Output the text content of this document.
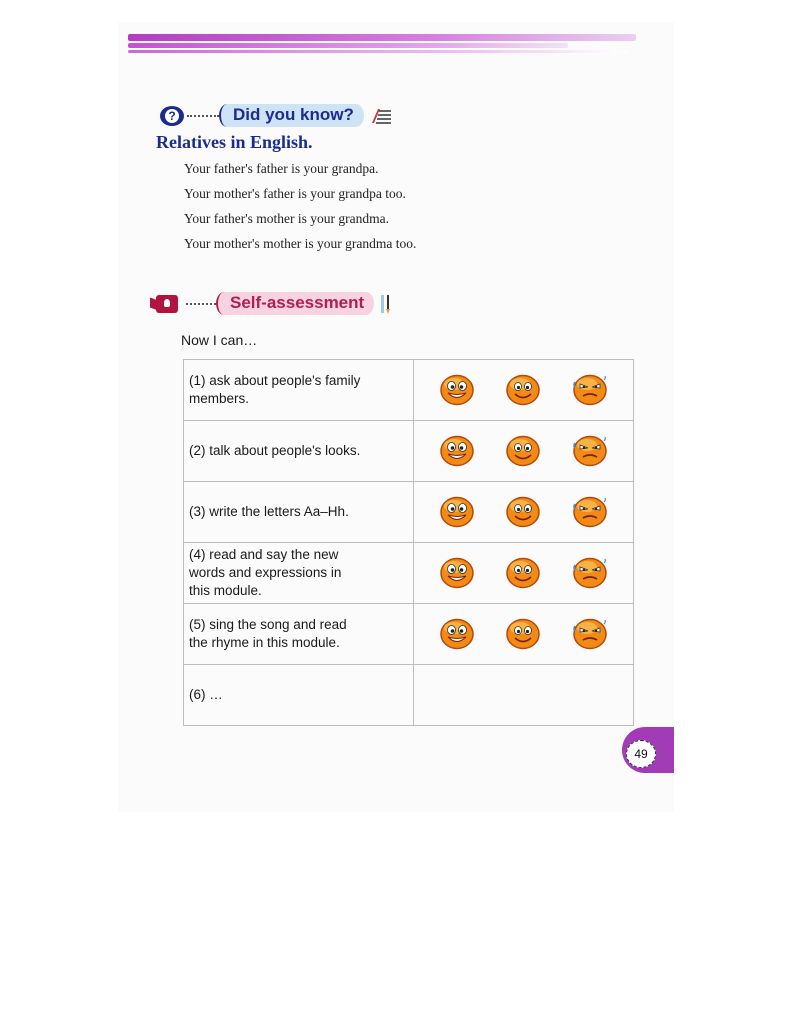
?	Did you know?
Relatives in English.
Your father's father is your grandpa.
Your mother's father is your grandpa too.
Your father's mother is your grandma.
Your mother's mother is your grandma too.
Self-assessment
Now I can…
(1) ask about people's family
members.

(2) talk about people's looks.

(3) write the letters Aa–Hh.

(4) read and say the new
words and expressions in
this module.

(5) sing the song and read
the rhyme in this module.

(6) …	

49
